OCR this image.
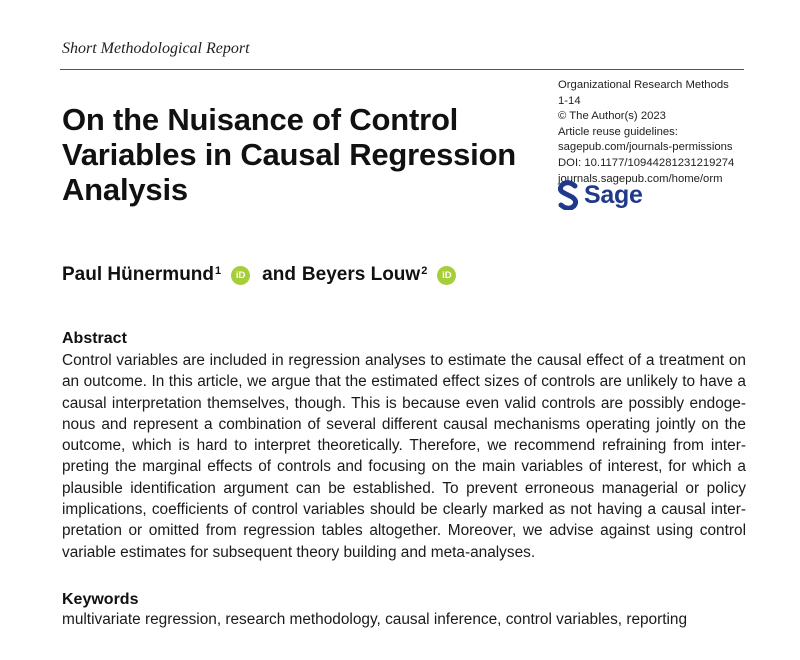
Short Methodological Report
On the Nuisance of Control Variables in Causal Regression Analysis
Organizational Research Methods
1-14
© The Author(s) 2023
Article reuse guidelines:
sagepub.com/journals-permissions
DOI: 10.1177/10944281231219274
journals.sagepub.com/home/orm
Sage
Paul Hünermund$^1$	iD and Beyers Louw$^2$	iD
Abstract
Control variables are included in regression analyses to estimate the causal effect of a treatment on
an outcome. In this article, we argue that the estimated effect sizes of controls are unlikely to have a
causal interpretation themselves, though. This is because even valid controls are possibly endoge-
nous and represent a combination of several different causal mechanisms operating jointly on the
outcome, which is hard to interpret theoretically. Therefore, we recommend refraining from inter-
preting the marginal effects of controls and focusing on the main variables of interest, for which a
plausible identification argument can be established. To prevent erroneous managerial or policy
implications, coefficients of control variables should be clearly marked as not having a causal inter-
pretation or omitted from regression tables altogether. Moreover, we advise against using control
variable estimates for subsequent theory building and meta-analyses.
Keywords
multivariate regression, research methodology, causal inference, control variables, reporting
